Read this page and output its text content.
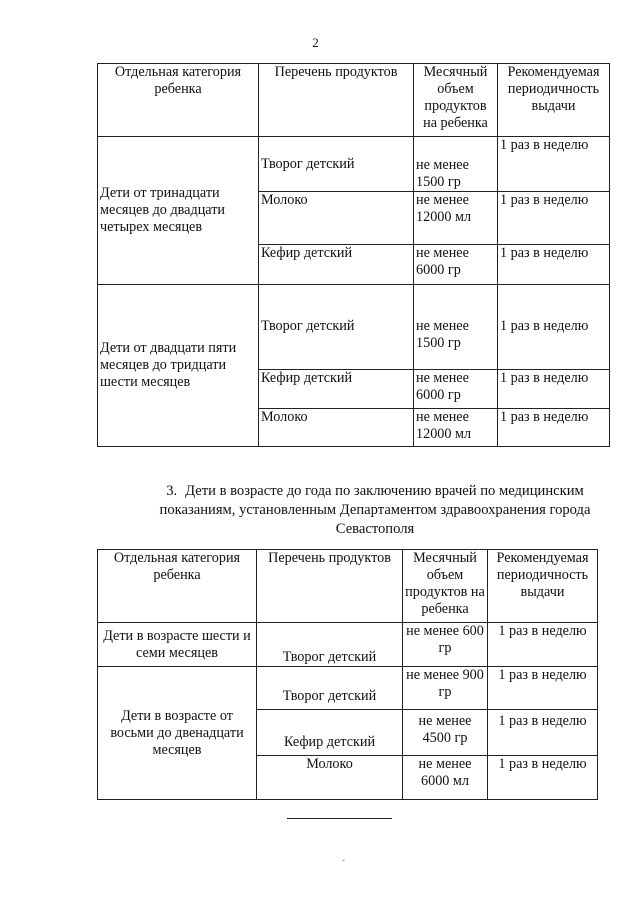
2
Отдельная категория ребенка	Перечень продуктов	Месячный объем продуктов на ребенка	Рекомендуемая периодичность выдачи
Дети от тринадцати месяцев до двадцати четырех месяцев	Творог детский	не менее 1500 гр	1 раз в неделю
	Молоко	не менее 12000 мл	1 раз в неделю
	Кефир детский	не менее 6000 гр	1 раз в неделю
Дети от двадцати пяти месяцев до тридцати шести месяцев	Творог детский	не менее 1500 гр	1 раз в неделю
	Кефир детский	не менее 6000 гр	1 раз в неделю
	Молоко	не менее 12000 мл	1 раз в неделю
3. Дети в возрасте до года по заключению врачей по медицинским показаниям, установленным Департаментом здравоохранения города Севастополя
Отдельная категория ребенка	Перечень продуктов	Месячный объем продуктов на ребенка	Рекомендуемая периодичность выдачи
Дети в возрасте шести и семи месяцев	Творог детский	не менее 600 гр	1 раз в неделю
Дети в возрасте от восьми до двенадцати месяцев	Творог детский	не менее 900 гр	1 раз в неделю
	Кефир детский	не менее 4500 гр	1 раз в неделю
	Молоко	не менее 6000 мл	1 раз в неделю
˘
